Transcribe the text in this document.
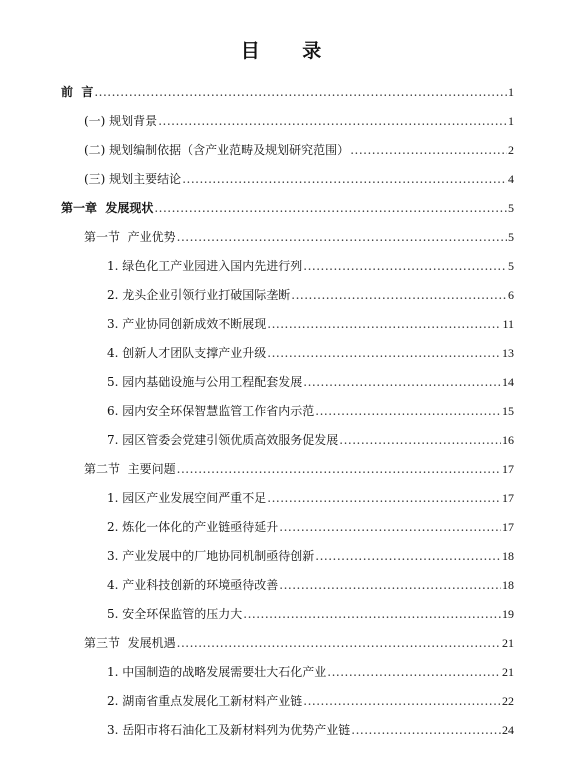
目 录
前  言 .....	1
(一) 规划背景 .....	1
(二) 规划编制依据（含产业范畴及规划研究范围） .....	2
(三) 规划主要结论 .....	4
第一章  发展现状 .....	5
第一节  产业优势 .....	5
1. 绿色化工产业园进入国内先进行列 .....	5
2. 龙头企业引领行业打破国际垄断 .....	6
3. 产业协同创新成效不断展现 .....	11
4. 创新人才团队支撑产业升级 .....	13
5. 园内基础设施与公用工程配套发展 .....	14
6. 园内安全环保智慧监管工作省内示范 .....	15
7. 园区管委会党建引领优质高效服务促发展 .....	16
第二节  主要问题 .....	17
1. 园区产业发展空间严重不足 .....	17
2. 炼化一体化的产业链亟待延升 .....	17
3. 产业发展中的厂地协同机制亟待创新 .....	18
4. 产业科技创新的环境亟待改善 .....	18
5. 安全环保监管的压力大 .....	19
第三节  发展机遇 .....	21
1. 中国制造的战略发展需要壮大石化产业 .....	21
2. 湖南省重点发展化工新材料产业链 .....	22
3. 岳阳市将石油化工及新材料列为优势产业链 .....	24
